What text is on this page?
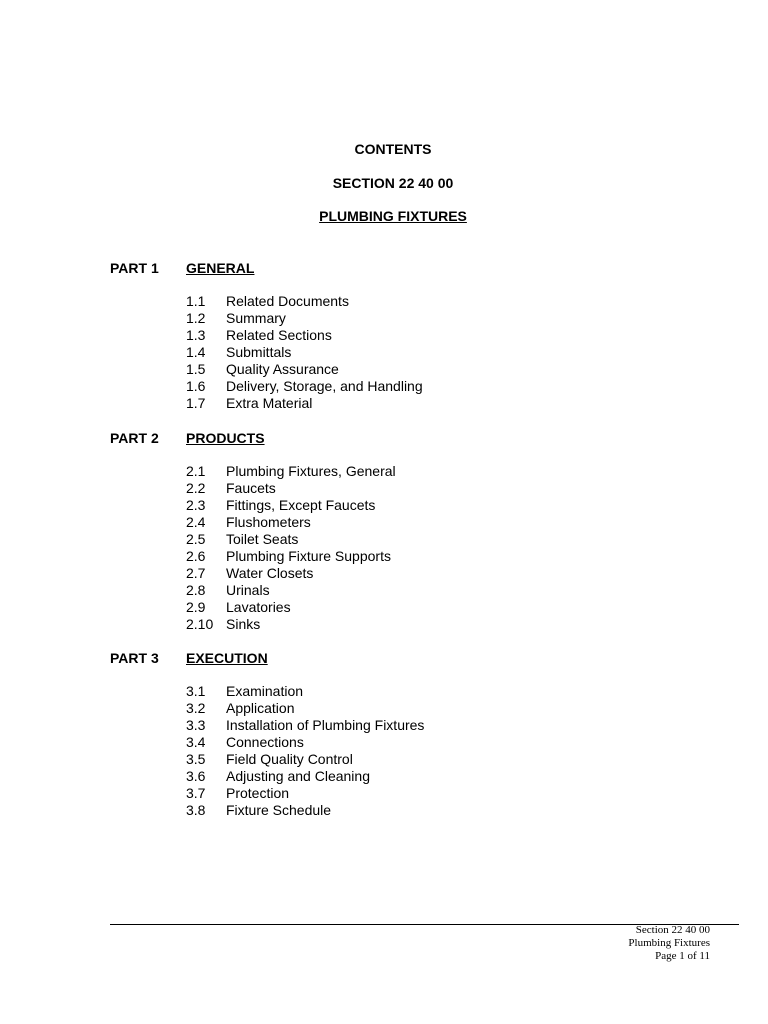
CONTENTS
SECTION 22 40 00
PLUMBING FIXTURES
PART 1 GENERAL
1.1 Related Documents
1.2 Summary
1.3 Related Sections
1.4 Submittals
1.5 Quality Assurance
1.6 Delivery, Storage, and Handling
1.7 Extra Material
PART 2 PRODUCTS
2.1 Plumbing Fixtures, General
2.2 Faucets
2.3 Fittings, Except Faucets
2.4 Flushometers
2.5 Toilet Seats
2.6 Plumbing Fixture Supports
2.7 Water Closets
2.8 Urinals
2.9 Lavatories
2.10 Sinks
PART 3 EXECUTION
3.1 Examination
3.2 Application
3.3 Installation of Plumbing Fixtures
3.4 Connections
3.5 Field Quality Control
3.6 Adjusting and Cleaning
3.7 Protection
3.8 Fixture Schedule
Section 22 40 00
Plumbing Fixtures
Page 1 of 11
